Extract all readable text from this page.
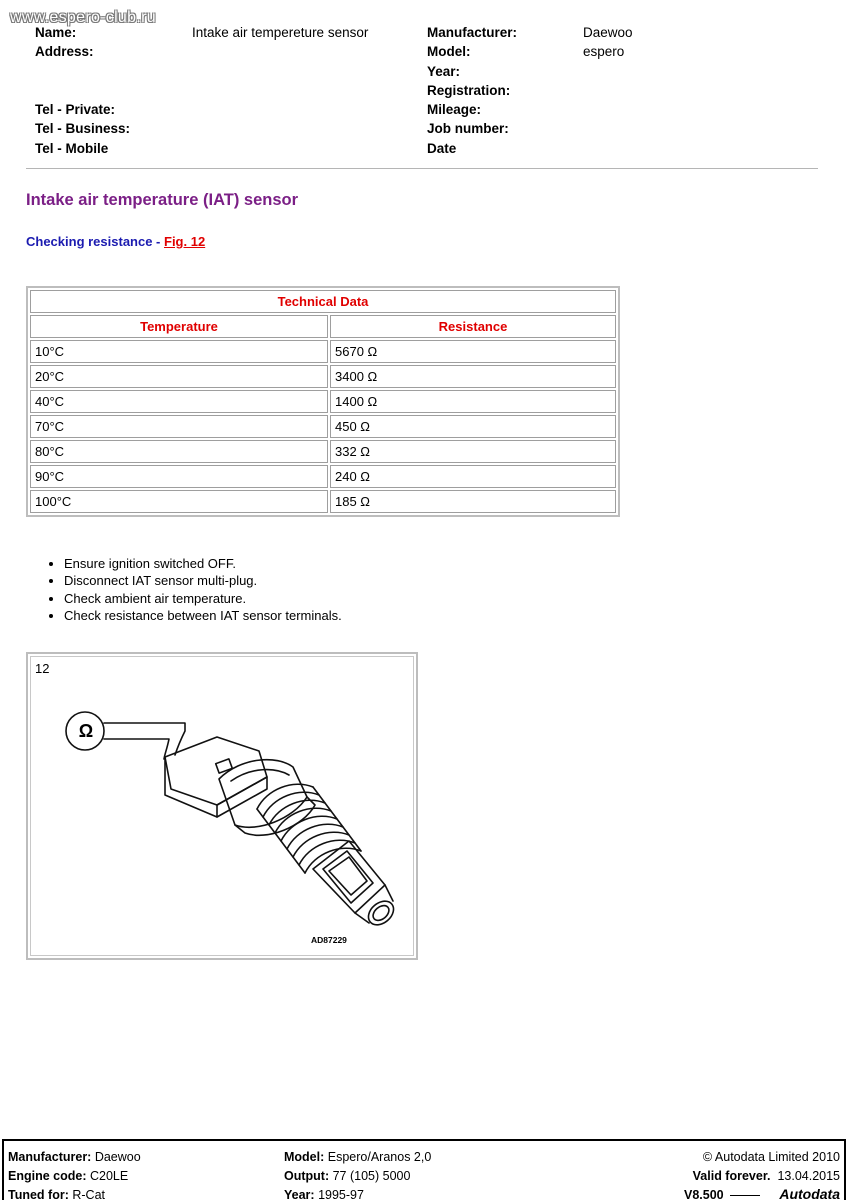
www.espero-club.ru
Name:	Intake air tempereture sensor
Address:
Tel - Private:
Tel - Business:
Tel - Mobile
Manufacturer:	Daewoo
Model:	espero
Year:
Registration:
Mileage:
Job number:
Date
Intake air temperature (IAT) sensor
Checking resistance - Fig. 12
Technical Data	
Temperature	Resistance
10°C	5670 Ω
20°C	3400 Ω
40°C	1400 Ω
70°C	450 Ω
80°C	332 Ω
90°C	240 Ω
100°C	185 Ω
• Ensure ignition switched OFF.
• Disconnect IAT sensor multi-plug.
• Check ambient air temperature.
• Check resistance between IAT sensor terminals.
12
Ω
AD87229
Manufacturer: Daewoo
Engine code: C20LE
Tuned for: R-Cat
Model: Espero/Aranos 2,0
Output: 77 (105) 5000
Year: 1995-97
© Autodata Limited 2010
Valid forever. 13.04.2015
V8.500	Autodata
